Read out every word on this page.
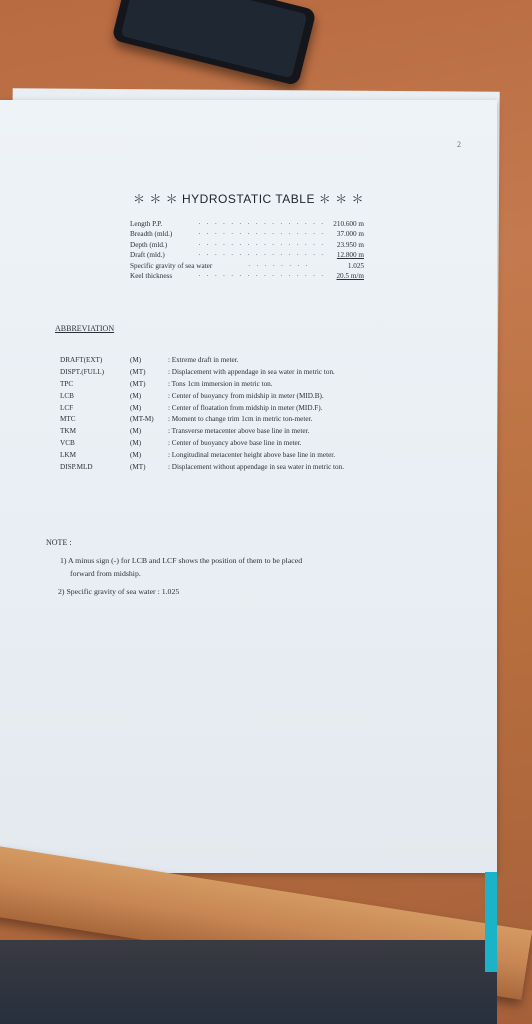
2
＊ ＊ ＊ HYDROSTATIC TABLE ＊ ＊ ＊
Length P.P.	· · · · · · · · · · · · · · · ·	210.600 m
Breadth (mld.)	· · · · · · · · · · · · · · · ·	37.000 m
Depth (mld.)	· · · · · · · · · · · · · · · ·	23.950 m
Draft (mld.)	· · · · · · · · · · · · · · · ·	12.800 m
Specific gravity of sea water	· · · · · · · ·	1.025
Keel thickness	· · · · · · · · · · · · · · · ·	20.5 m/m
ABBREVIATION
DRAFT(EXT)	(M)	: Extreme draft in meter.
DISPT.(FULL)	(MT)	: Displacement with appendage in sea water in metric ton.
TPC	(MT)	: Tons 1cm immersion in metric ton.
LCB	(M)	: Center of buoyancy from midship in meter (MID.B).
LCF	(M)	: Center of floatation from midship in meter (MID.F).
MTC	(MT-M)	: Moment to change trim 1cm in metric ton-meter.
TKM	(M)	: Transverse metacenter above base line in meter.
VCB	(M)	: Center of buoyancy above base line in meter.
LKM	(M)	: Longitudinal metacenter height above base line in meter.
DISP.MLD	(MT)	: Displacement without appendage in sea water in metric ton.
NOTE :
1) A minus sign (-) for LCB and LCF shows the position of them to be placed
forward from midship.
2) Specific gravity of sea water : 1.025
